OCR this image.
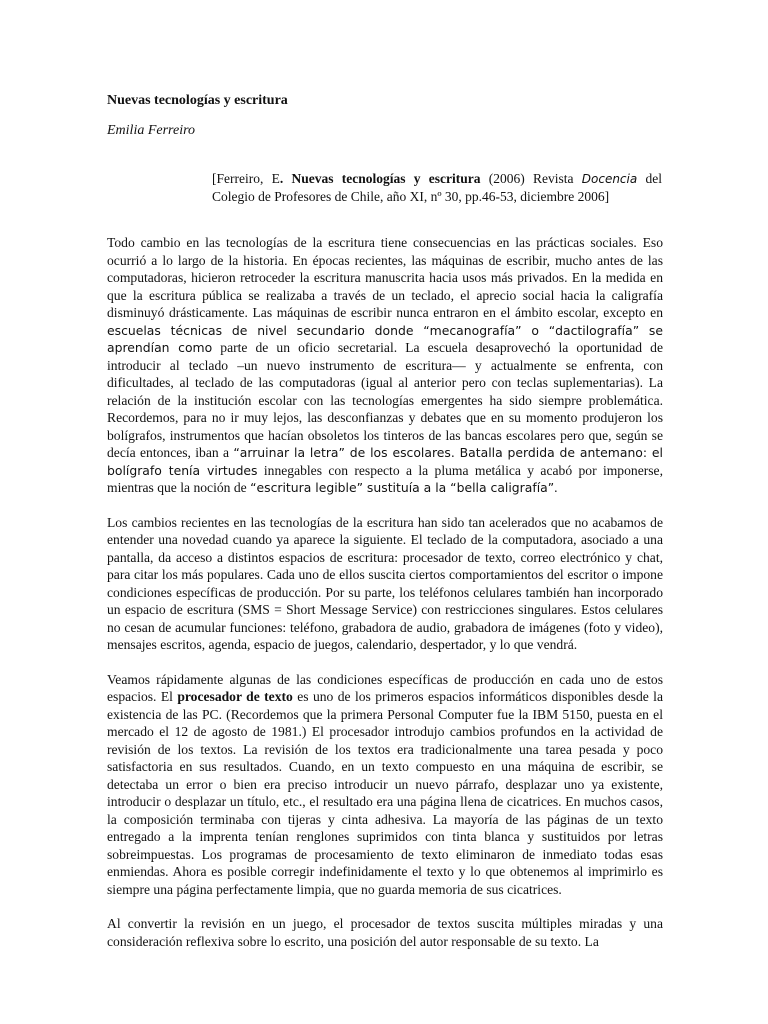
Nuevas tecnologías y escritura
Emilia Ferreiro
[Ferreiro, E. Nuevas tecnologías y escritura (2006) Revista Docencia del Colegio de Profesores de Chile, año XI, nº 30, pp.46-53, diciembre 2006]

Todo cambio en las tecnologías de la escritura tiene consecuencias en las prácticas sociales. Eso ocurrió a lo largo de la historia. En épocas recientes, las máquinas de escribir, mucho antes de las computadoras, hicieron retroceder la escritura manuscrita hacia usos más privados. En la medida en que la escritura pública se realizaba a través de un teclado, el aprecio social hacia la caligrafía disminuyó drásticamente. Las máquinas de escribir nunca entraron en el ámbito escolar, excepto en escuelas técnicas de nivel secundario donde “mecanografía” o “dactilografía” se aprendían como parte de un oficio secretarial. La escuela desaprovechó la oportunidad de introducir al teclado –un nuevo instrumento de escritura— y actualmente se enfrenta, con dificultades, al teclado de las computadoras (igual al anterior pero con teclas suplementarias). La relación de la institución escolar con las tecnologías emergentes ha sido siempre problemática. Recordemos, para no ir muy lejos, las desconfianzas y debates que en su momento produjeron los bolígrafos, instrumentos que hacían obsoletos los tinteros de las bancas escolares pero que, según se decía entonces, iban a “arruinar la letra” de los escolares. Batalla perdida de antemano: el bolígrafo tenía virtudes innegables con respecto a la pluma metálica y acabó por imponerse, mientras que la noción de “escritura legible” sustituía a la “bella caligrafía”.

Los cambios recientes en las tecnologías de la escritura han sido tan acelerados que no acabamos de entender una novedad cuando ya aparece la siguiente. El teclado de la computadora, asociado a una pantalla, da acceso a distintos espacios de escritura: procesador de texto, correo electrónico y chat, para citar los más populares. Cada uno de ellos suscita ciertos comportamientos del escritor o impone condiciones específicas de producción. Por su parte, los teléfonos celulares también han incorporado un espacio de escritura (SMS = Short Message Service) con restricciones singulares. Estos celulares no cesan de acumular funciones: teléfono, grabadora de audio, grabadora de imágenes (foto y video), mensajes escritos, agenda, espacio de juegos, calendario, despertador, y lo que vendrá.

Veamos rápidamente algunas de las condiciones específicas de producción en cada uno de estos espacios. El procesador de texto es uno de los primeros espacios informáticos disponibles desde la existencia de las PC. (Recordemos que la primera Personal Computer fue la IBM 5150, puesta en el mercado el 12 de agosto de 1981.) El procesador introdujo cambios profundos en la actividad de revisión de los textos. La revisión de los textos era tradicionalmente una tarea pesada y poco satisfactoria en sus resultados. Cuando, en un texto compuesto en una máquina de escribir, se detectaba un error o bien era preciso introducir un nuevo párrafo, desplazar uno ya existente, introducir o desplazar un título, etc., el resultado era una página llena de cicatrices. En muchos casos, la composición terminaba con tijeras y cinta adhesiva. La mayoría de las páginas de un texto entregado a la imprenta tenían renglones suprimidos con tinta blanca y sustituidos por letras sobreimpuestas. Los programas de procesamiento de texto eliminaron de inmediato todas esas enmiendas. Ahora es posible corregir indefinidamente el texto y lo que obtenemos al imprimirlo es siempre una página perfectamente limpia, que no guarda memoria de sus cicatrices.

Al convertir la revisión en un juego, el procesador de textos suscita múltiples miradas y una consideración reflexiva sobre lo escrito, una posición del autor responsable de su texto. La
